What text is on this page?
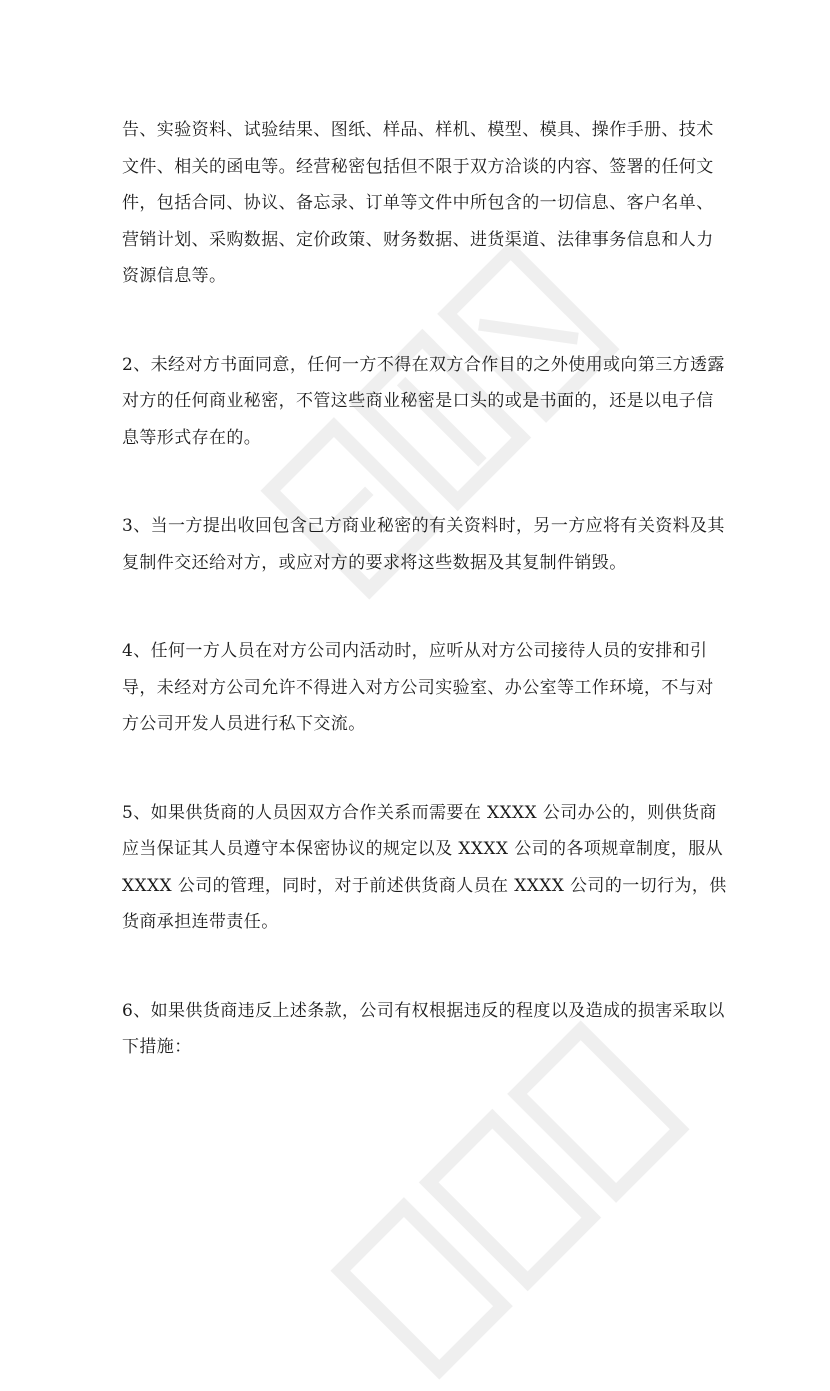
告、实验资料、试验结果、图纸、样品、样机、模型、模具、操作手册、技术
文件、相关的函电等。经营秘密包括但不限于双方洽谈的内容、签署的任何文
件，包括合同、协议、备忘录、订单等文件中所包含的一切信息、客户名单、
营销计划、采购数据、定价政策、财务数据、进货渠道、法律事务信息和人力
资源信息等。

2、未经对方书面同意，任何一方不得在双方合作目的之外使用或向第三方透露
对方的任何商业秘密，不管这些商业秘密是口头的或是书面的，还是以电子信
息等形式存在的。

3、当一方提出收回包含己方商业秘密的有关资料时，另一方应将有关资料及其
复制件交还给对方，或应对方的要求将这些数据及其复制件销毁。

4、任何一方人员在对方公司内活动时，应听从对方公司接待人员的安排和引
导，未经对方公司允许不得进入对方公司实验室、办公室等工作环境，不与对
方公司开发人员进行私下交流。

5、如果供货商的人员因双方合作关系而需要在 XXXX 公司办公的，则供货商
应当保证其人员遵守本保密协议的规定以及 XXXX 公司的各项规章制度，服从
XXXX 公司的管理，同时，对于前述供货商人员在 XXXX 公司的一切行为，供
货商承担连带责任。

6、如果供货商违反上述条款，公司有权根据违反的程度以及造成的损害采取以
下措施：
